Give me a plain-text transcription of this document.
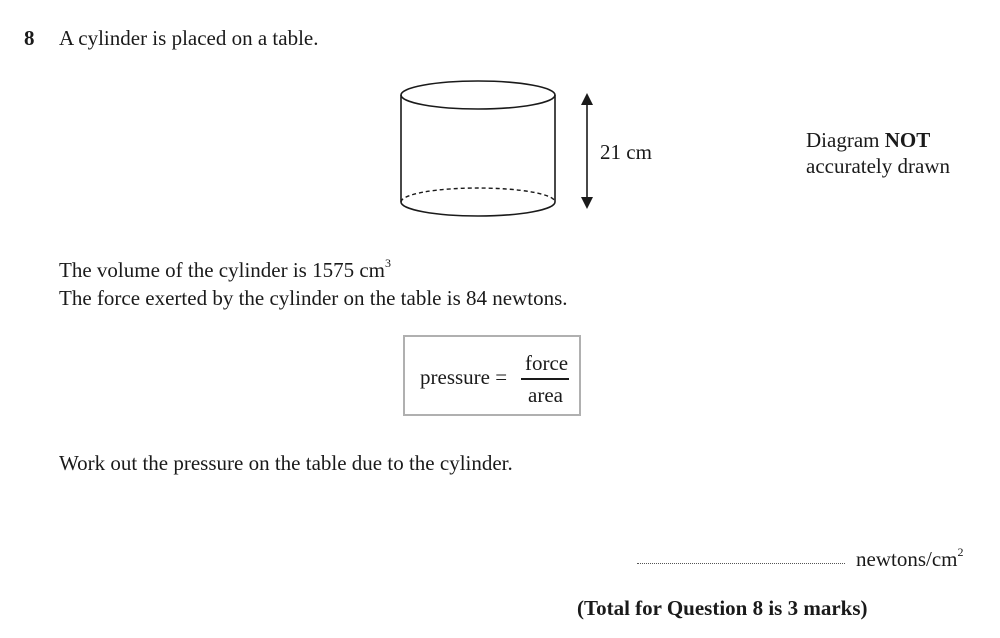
8 A cylinder is placed on a table.
21 cm	Diagram NOT
accurately drawn
The volume of the cylinder is 1575 $cm^3$
The force exerted by the cylinder on the table is 84 newtons.
pressure =
force
area
Work out the pressure on the table due to the cylinder.
newtons/$cm^2$
(Total for Question 8 is 3 marks)
